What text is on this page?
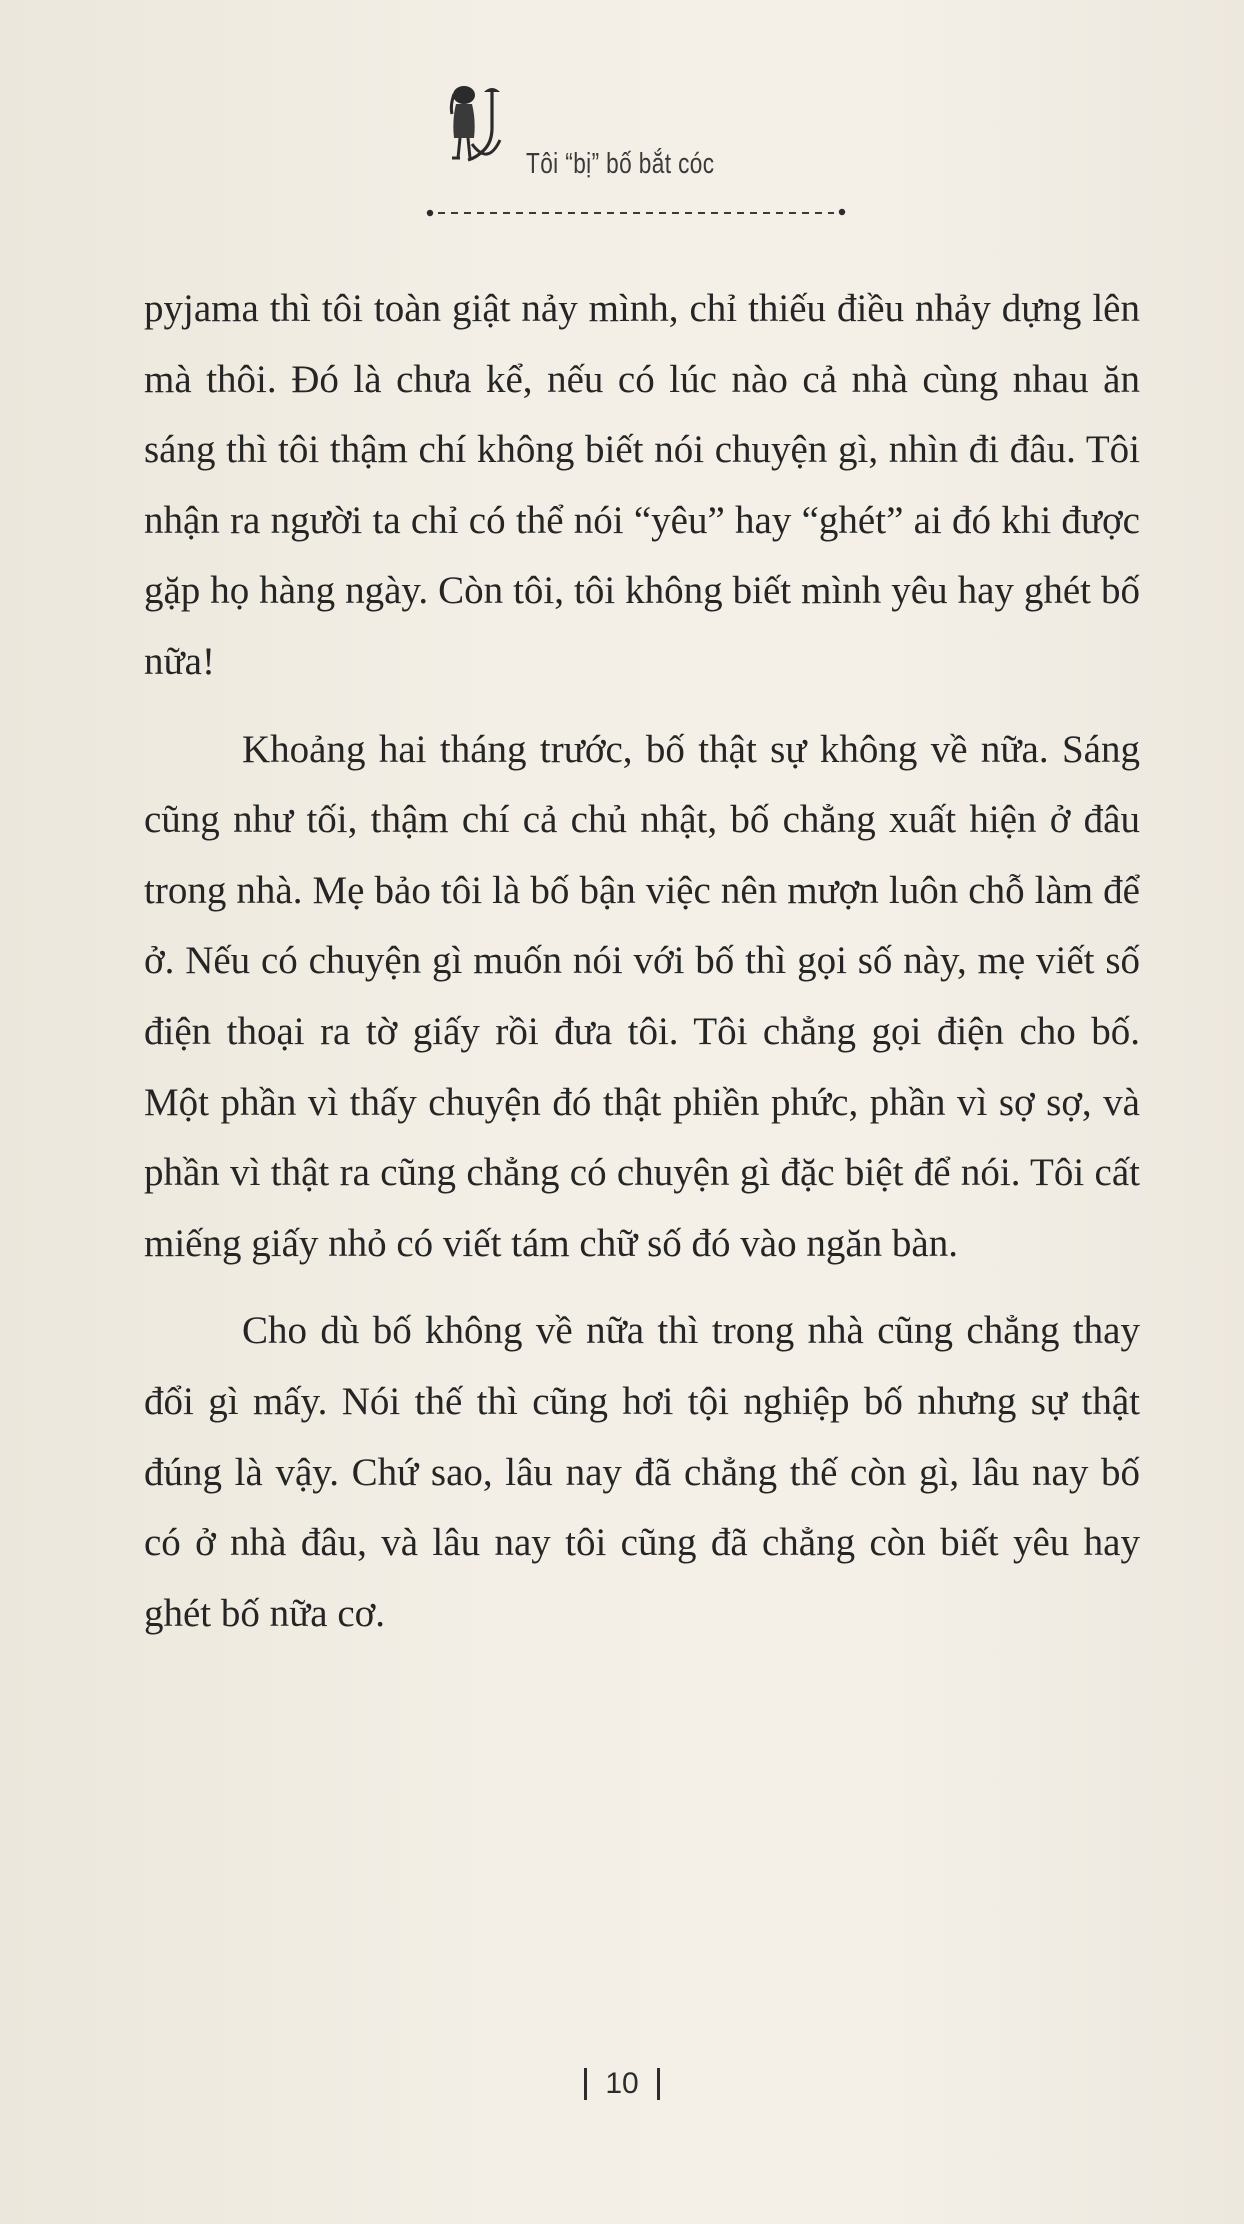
Tôi “bị” bố bắt cóc

pyjama thì tôi toàn giật nảy mình, chỉ thiếu điều nhảy dựng lên mà thôi. Đó là chưa kể, nếu có lúc nào cả nhà cùng nhau ăn sáng thì tôi thậm chí không biết nói chuyện gì, nhìn đi đâu. Tôi nhận ra người ta chỉ có thể nói “yêu” hay “ghét” ai đó khi được gặp họ hàng ngày. Còn tôi, tôi không biết mình yêu hay ghét bố nữa!

Khoảng hai tháng trước, bố thật sự không về nữa. Sáng cũng như tối, thậm chí cả chủ nhật, bố chẳng xuất hiện ở đâu trong nhà. Mẹ bảo tôi là bố bận việc nên mượn luôn chỗ làm để ở. Nếu có chuyện gì muốn nói với bố thì gọi số này, mẹ viết số điện thoại ra tờ giấy rồi đưa tôi. Tôi chẳng gọi điện cho bố. Một phần vì thấy chuyện đó thật phiền phức, phần vì sợ sợ, và phần vì thật ra cũng chẳng có chuyện gì đặc biệt để nói. Tôi cất miếng giấy nhỏ có viết tám chữ số đó vào ngăn bàn.

Cho dù bố không về nữa thì trong nhà cũng chẳng thay đổi gì mấy. Nói thế thì cũng hơi tội nghiệp bố nhưng sự thật đúng là vậy. Chứ sao, lâu nay đã chẳng thế còn gì, lâu nay bố có ở nhà đâu, và lâu nay tôi cũng đã chẳng còn biết yêu hay ghét bố nữa cơ.

10
